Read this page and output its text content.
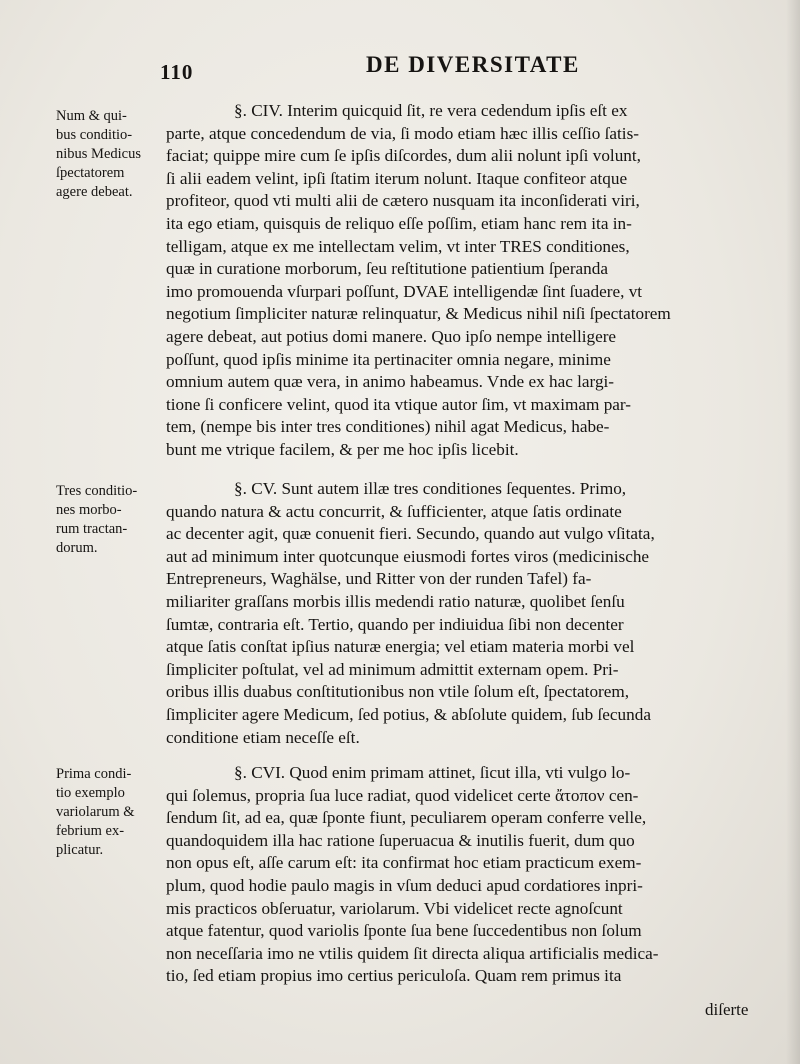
110	DE DIVERSITATE
Num & qui-
bus conditio-
nibus Medicus
ſpectatorem
agere debeat.
Tres conditio-
nes morbo-
rum tractan-
dorum.
Prima condi-
tio exemplo
variolarum &
febrium ex-
plicatur.
§. CIV. Interim quicquid ſit, re vera cedendum ipſis eſt ex
parte, atque concedendum de via, ſi modo etiam hæc illis ceſſio ſatis-
faciat; quippe mire cum ſe ipſis diſcordes, dum alii nolunt ipſi volunt,
ſi alii eadem velint, ipſi ſtatim iterum nolunt. Itaque confiteor atque
profiteor, quod vti multi alii de cætero nusquam ita inconſiderati viri,
ita ego etiam, quisquis de reliquo eſſe poſſim, etiam hanc rem ita in-
telligam, atque ex me intellectam velim, vt inter TRES conditiones,
quæ in curatione morborum, ſeu reſtitutione patientium ſperanda
imo promouenda vſurpari poſſunt, DVAE intelligendæ ſint ſuadere, vt
negotium ſimpliciter naturæ relinquatur, & Medicus nihil niſi ſpectatorem
agere debeat, aut potius domi manere. Quo ipſo nempe intelligere
poſſunt, quod ipſis minime ita pertinaciter omnia negare, minime
omnium autem quæ vera, in animo habeamus. Vnde ex hac largi-
tione ſi conficere velint, quod ita vtique autor ſim, vt maximam par-
tem, (nempe bis inter tres conditiones) nihil agat Medicus, habe-
bunt me vtrique facilem, & per me hoc ipſis licebit.
§. CV. Sunt autem illæ tres conditiones ſequentes. Primo,
quando natura & actu concurrit, & ſufficienter, atque ſatis ordinate
ac decenter agit, quæ conuenit fieri. Secundo, quando aut vulgo vſitata,
aut ad minimum inter quotcunque eiusmodi fortes viros (medicinische
Entrepreneurs, Waghälse, und Ritter von der runden Tafel) fa-
miliariter graſſans morbis illis medendi ratio naturæ, quolibet ſenſu
ſumtæ, contraria eſt. Tertio, quando per indiuidua ſibi non decenter
atque ſatis conſtat ipſius naturæ energia; vel etiam materia morbi vel
ſimpliciter poſtulat, vel ad minimum admittit externam opem. Pri-
oribus illis duabus conſtitutionibus non vtile ſolum eſt, ſpectatorem,
ſimpliciter agere Medicum, ſed potius, & abſolute quidem, ſub ſecunda
conditione etiam neceſſe eſt.
§. CVI. Quod enim primam attinet, ſicut illa, vti vulgo lo-
qui ſolemus, propria ſua luce radiat, quod videlicet certe ἄτοπον cen-
ſendum ſit, ad ea, quæ ſponte fiunt, peculiarem operam conferre velle,
quandoquidem illa hac ratione ſuperuacua & inutilis fuerit, dum quo
non opus eſt, aſſe carum eſt: ita confirmat hoc etiam practicum exem-
plum, quod hodie paulo magis in vſum deduci apud cordatiores inpri-
mis practicos obſeruatur, variolarum. Vbi videlicet recte agnoſcunt
atque fatentur, quod variolis ſponte ſua bene ſuccedentibus non ſolum
non neceſſaria imo ne vtilis quidem ſit directa aliqua artificialis medica-
tio, ſed etiam propius imo certius periculoſa. Quam rem primus ita
diſerte
